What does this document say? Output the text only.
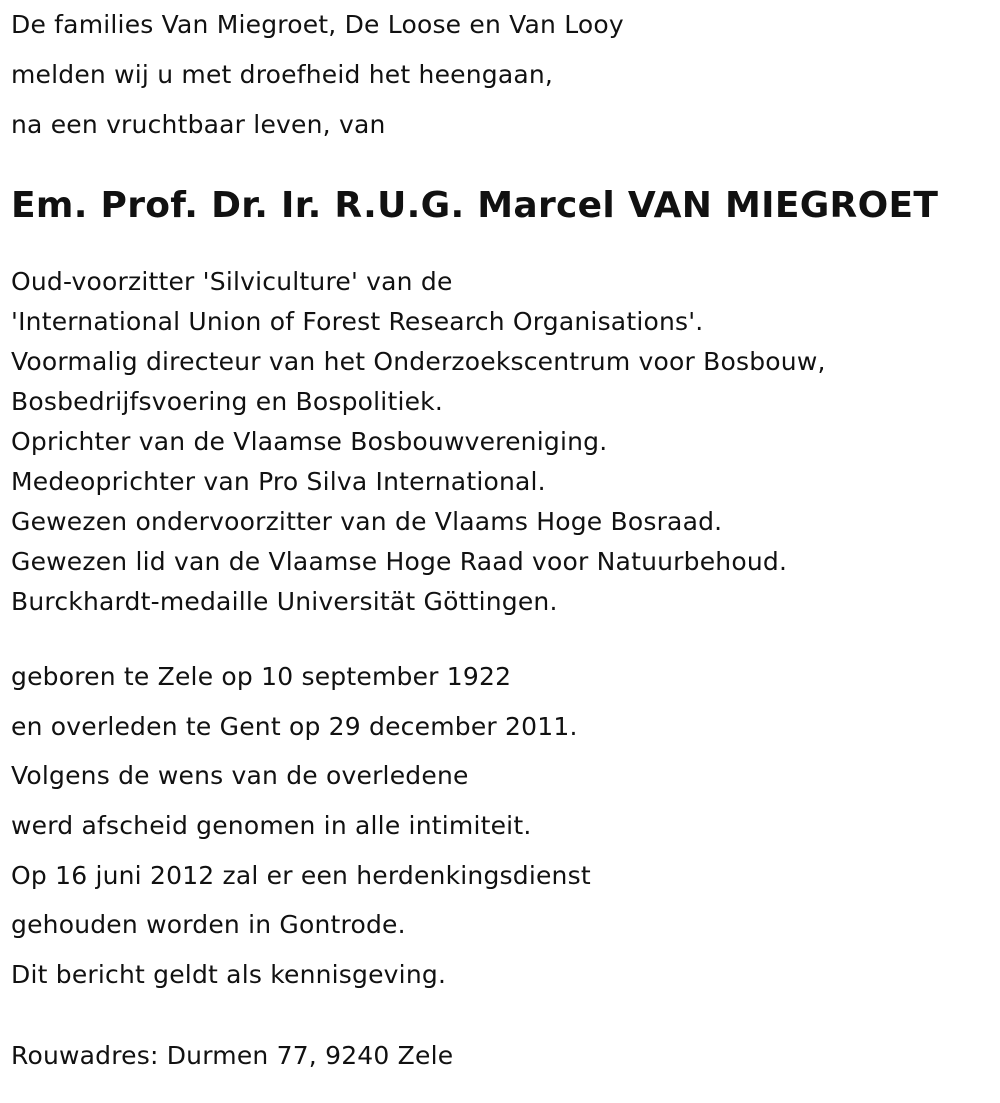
De families Van Miegroet, De Loose en Van Looy
melden wij u met droefheid het heengaan,
na een vruchtbaar leven, van
Em. Prof. Dr. Ir. R.U.G. Marcel VAN MIEGROET
Oud-voorzitter 'Silviculture' van de
'International Union of Forest Research Organisations'.
Voormalig directeur van het Onderzoekscentrum voor Bosbouw,
Bosbedrijfsvoering en Bospolitiek.
Oprichter van de Vlaamse Bosbouwvereniging.
Medeoprichter van Pro Silva International.
Gewezen ondervoorzitter van de Vlaams Hoge Bosraad.
Gewezen lid van de Vlaamse Hoge Raad voor Natuurbehoud.
Burckhardt-medaille Universität Göttingen.
geboren te Zele op 10 september 1922
en overleden te Gent op 29 december 2011.
Volgens de wens van de overledene
werd afscheid genomen in alle intimiteit.
Op 16 juni 2012 zal er een herdenkingsdienst
gehouden worden in Gontrode.
Dit bericht geldt als kennisgeving.
Rouwadres: Durmen 77, 9240 Zele
